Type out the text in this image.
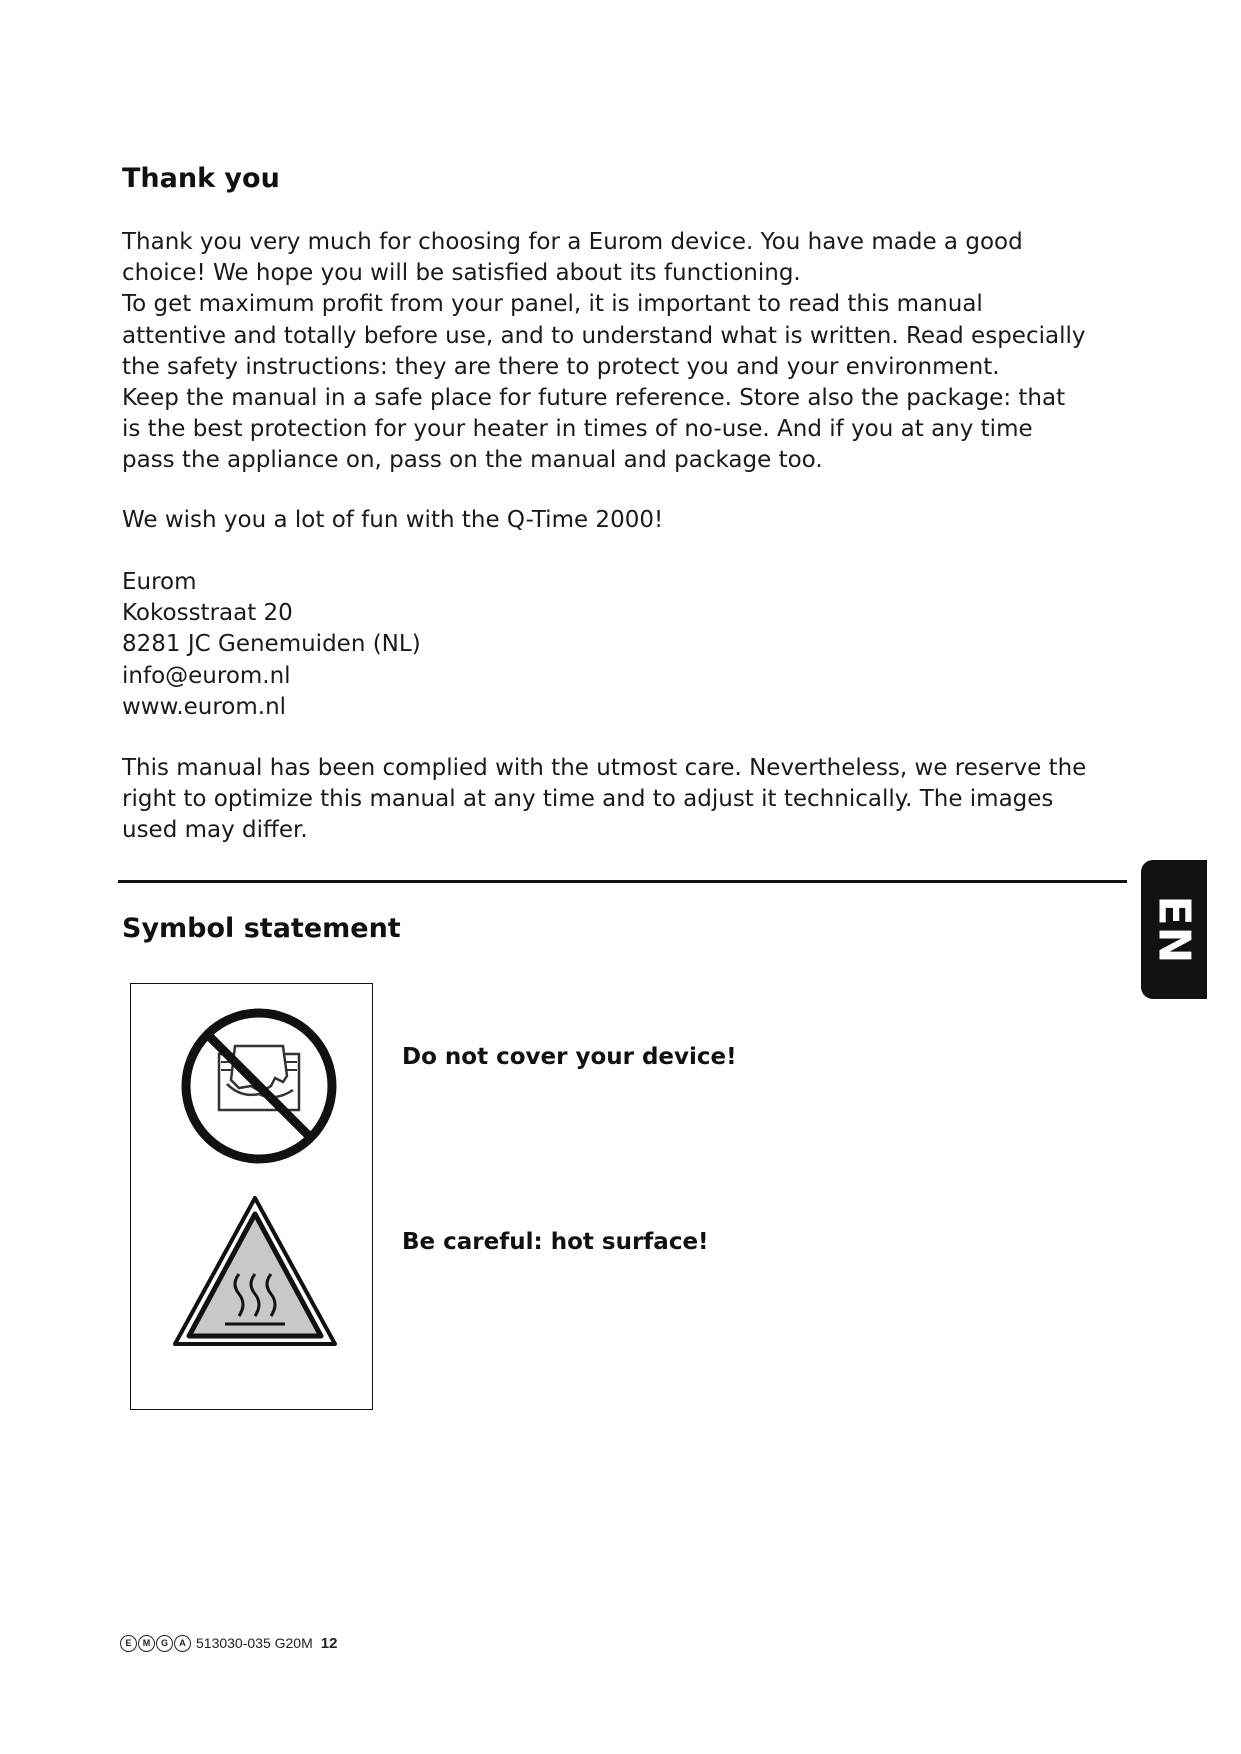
Thank you
Thank you very much for choosing for a Eurom device. You have made a good
choice! We hope you will be satisfied about its functioning.
To get maximum profit from your panel, it is important to read this manual
attentive and totally before use, and to understand what is written. Read especially
the safety instructions: they are there to protect you and your environment.
Keep the manual in a safe place for future reference. Store also the package: that
is the best protection for your heater in times of no-use. And if you at any time
pass the appliance on, pass on the manual and package too.
We wish you a lot of fun with the Q-Time 2000!
Eurom
Kokosstraat 20
8281 JC Genemuiden (NL)
info@eurom.nl
www.eurom.nl
This manual has been complied with the utmost care. Nevertheless, we reserve the
right to optimize this manual at any time and to adjust it technically. The images
used may differ.
EN
Symbol statement
Do not cover your device!
Be careful: hot surface!
E	M	G	A 513030-035 G20M 12
